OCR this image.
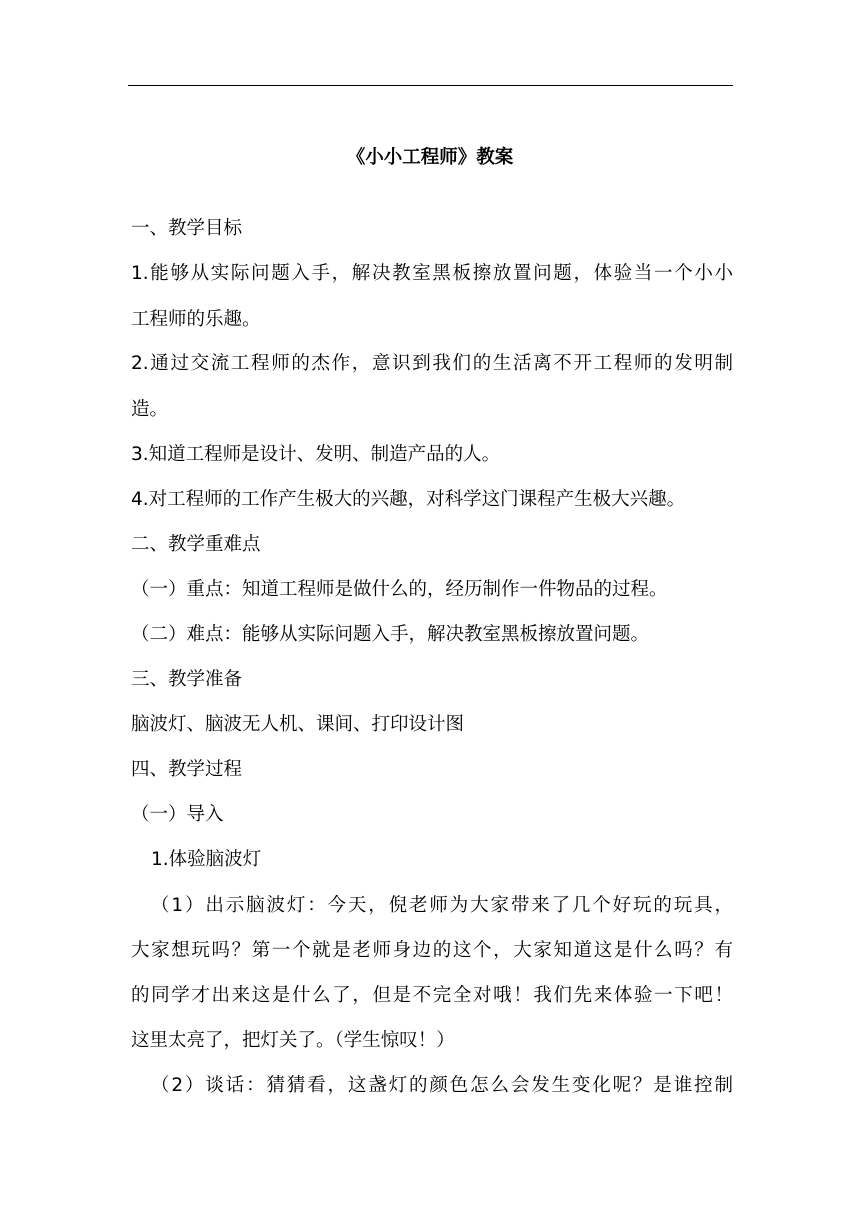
《小小工程师》教案
一、教学目标
1.能够从实际问题入手，解决教室黑板擦放置问题，体验当一个小小
工程师的乐趣。
2.通过交流工程师的杰作，意识到我们的生活离不开工程师的发明制
造。
3.知道工程师是设计、发明、制造产品的人。
4.对工程师的工作产生极大的兴趣，对科学这门课程产生极大兴趣。
二、教学重难点
（一）重点：知道工程师是做什么的，经历制作一件物品的过程。
（二）难点：能够从实际问题入手，解决教室黑板擦放置问题。
三、教学准备
脑波灯、脑波无人机、课间、打印设计图
四、教学过程
（一）导入
1.体验脑波灯
（1）出示脑波灯：今天，倪老师为大家带来了几个好玩的玩具，
大家想玩吗？第一个就是老师身边的这个，大家知道这是什么吗？有
的同学才出来这是什么了，但是不完全对哦！我们先来体验一下吧！
这里太亮了，把灯关了。（学生惊叹！）
（2）谈话：猜猜看，这盏灯的颜色怎么会发生变化呢？是谁控制
